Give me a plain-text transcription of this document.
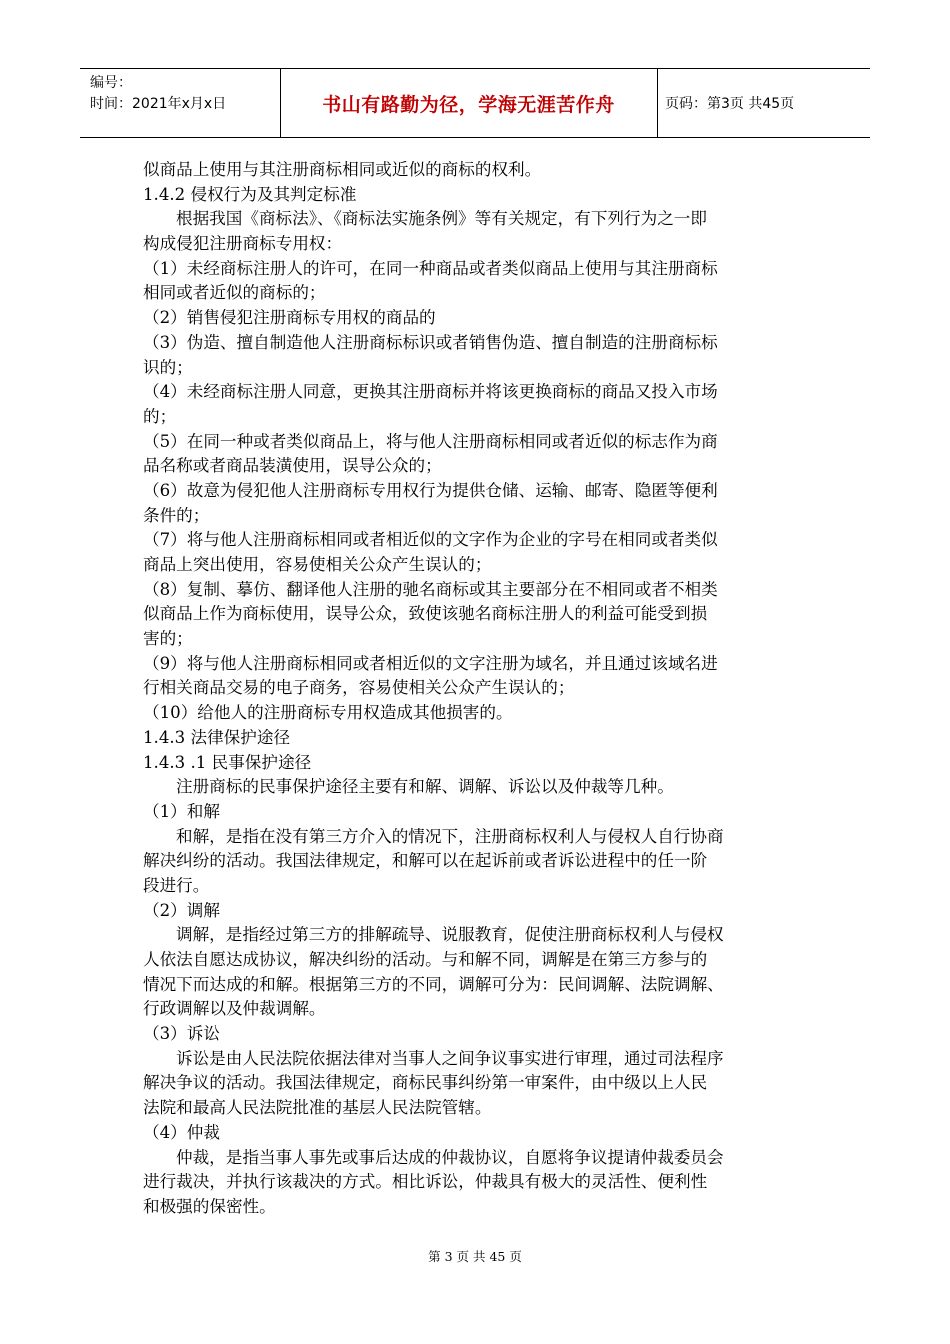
编号：
时间：2021年x月x日	书山有路勤为径，学海无涯苦作舟	页码：第3页 共45页
似商品上使用与其注册商标相同或近似的商标的权利。
1.4.2 侵权行为及其判定标准
根据我国《商标法》、《商标法实施条例》等有关规定，有下列行为之一即
构成侵犯注册商标专用权：
（1）未经商标注册人的许可，在同一种商品或者类似商品上使用与其注册商标
相同或者近似的商标的；
（2）销售侵犯注册商标专用权的商品的
（3）伪造、擅自制造他人注册商标标识或者销售伪造、擅自制造的注册商标标
识的；
（4）未经商标注册人同意，更换其注册商标并将该更换商标的商品又投入市场
的；
（5）在同一种或者类似商品上，将与他人注册商标相同或者近似的标志作为商
品名称或者商品装潢使用，误导公众的；
（6）故意为侵犯他人注册商标专用权行为提供仓储、运输、邮寄、隐匿等便利
条件的；
（7）将与他人注册商标相同或者相近似的文字作为企业的字号在相同或者类似
商品上突出使用，容易使相关公众产生误认的；
（8）复制、摹仿、翻译他人注册的驰名商标或其主要部分在不相同或者不相类
似商品上作为商标使用，误导公众，致使该驰名商标注册人的利益可能受到损
害的；
（9）将与他人注册商标相同或者相近似的文字注册为域名，并且通过该域名进
行相关商品交易的电子商务，容易使相关公众产生误认的；
（10）给他人的注册商标专用权造成其他损害的。
1.4.3 法律保护途径
1.4.3 .1 民事保护途径
注册商标的民事保护途径主要有和解、调解、诉讼以及仲裁等几种。
（1）和解
和解，是指在没有第三方介入的情况下，注册商标权利人与侵权人自行协商
解决纠纷的活动。我国法律规定，和解可以在起诉前或者诉讼进程中的任一阶
段进行。
（2）调解
调解，是指经过第三方的排解疏导、说服教育，促使注册商标权利人与侵权
人依法自愿达成协议，解决纠纷的活动。与和解不同，调解是在第三方参与的
情况下而达成的和解。根据第三方的不同，调解可分为：民间调解、法院调解、
行政调解以及仲裁调解。
（3）诉讼
诉讼是由人民法院依据法律对当事人之间争议事实进行审理，通过司法程序
解决争议的活动。我国法律规定，商标民事纠纷第一审案件，由中级以上人民
法院和最高人民法院批准的基层人民法院管辖。
（4）仲裁
仲裁，是指当事人事先或事后达成的仲裁协议，自愿将争议提请仲裁委员会
进行裁决，并执行该裁决的方式。相比诉讼，仲裁具有极大的灵活性、便利性
和极强的保密性。
第 3 页 共 45 页
